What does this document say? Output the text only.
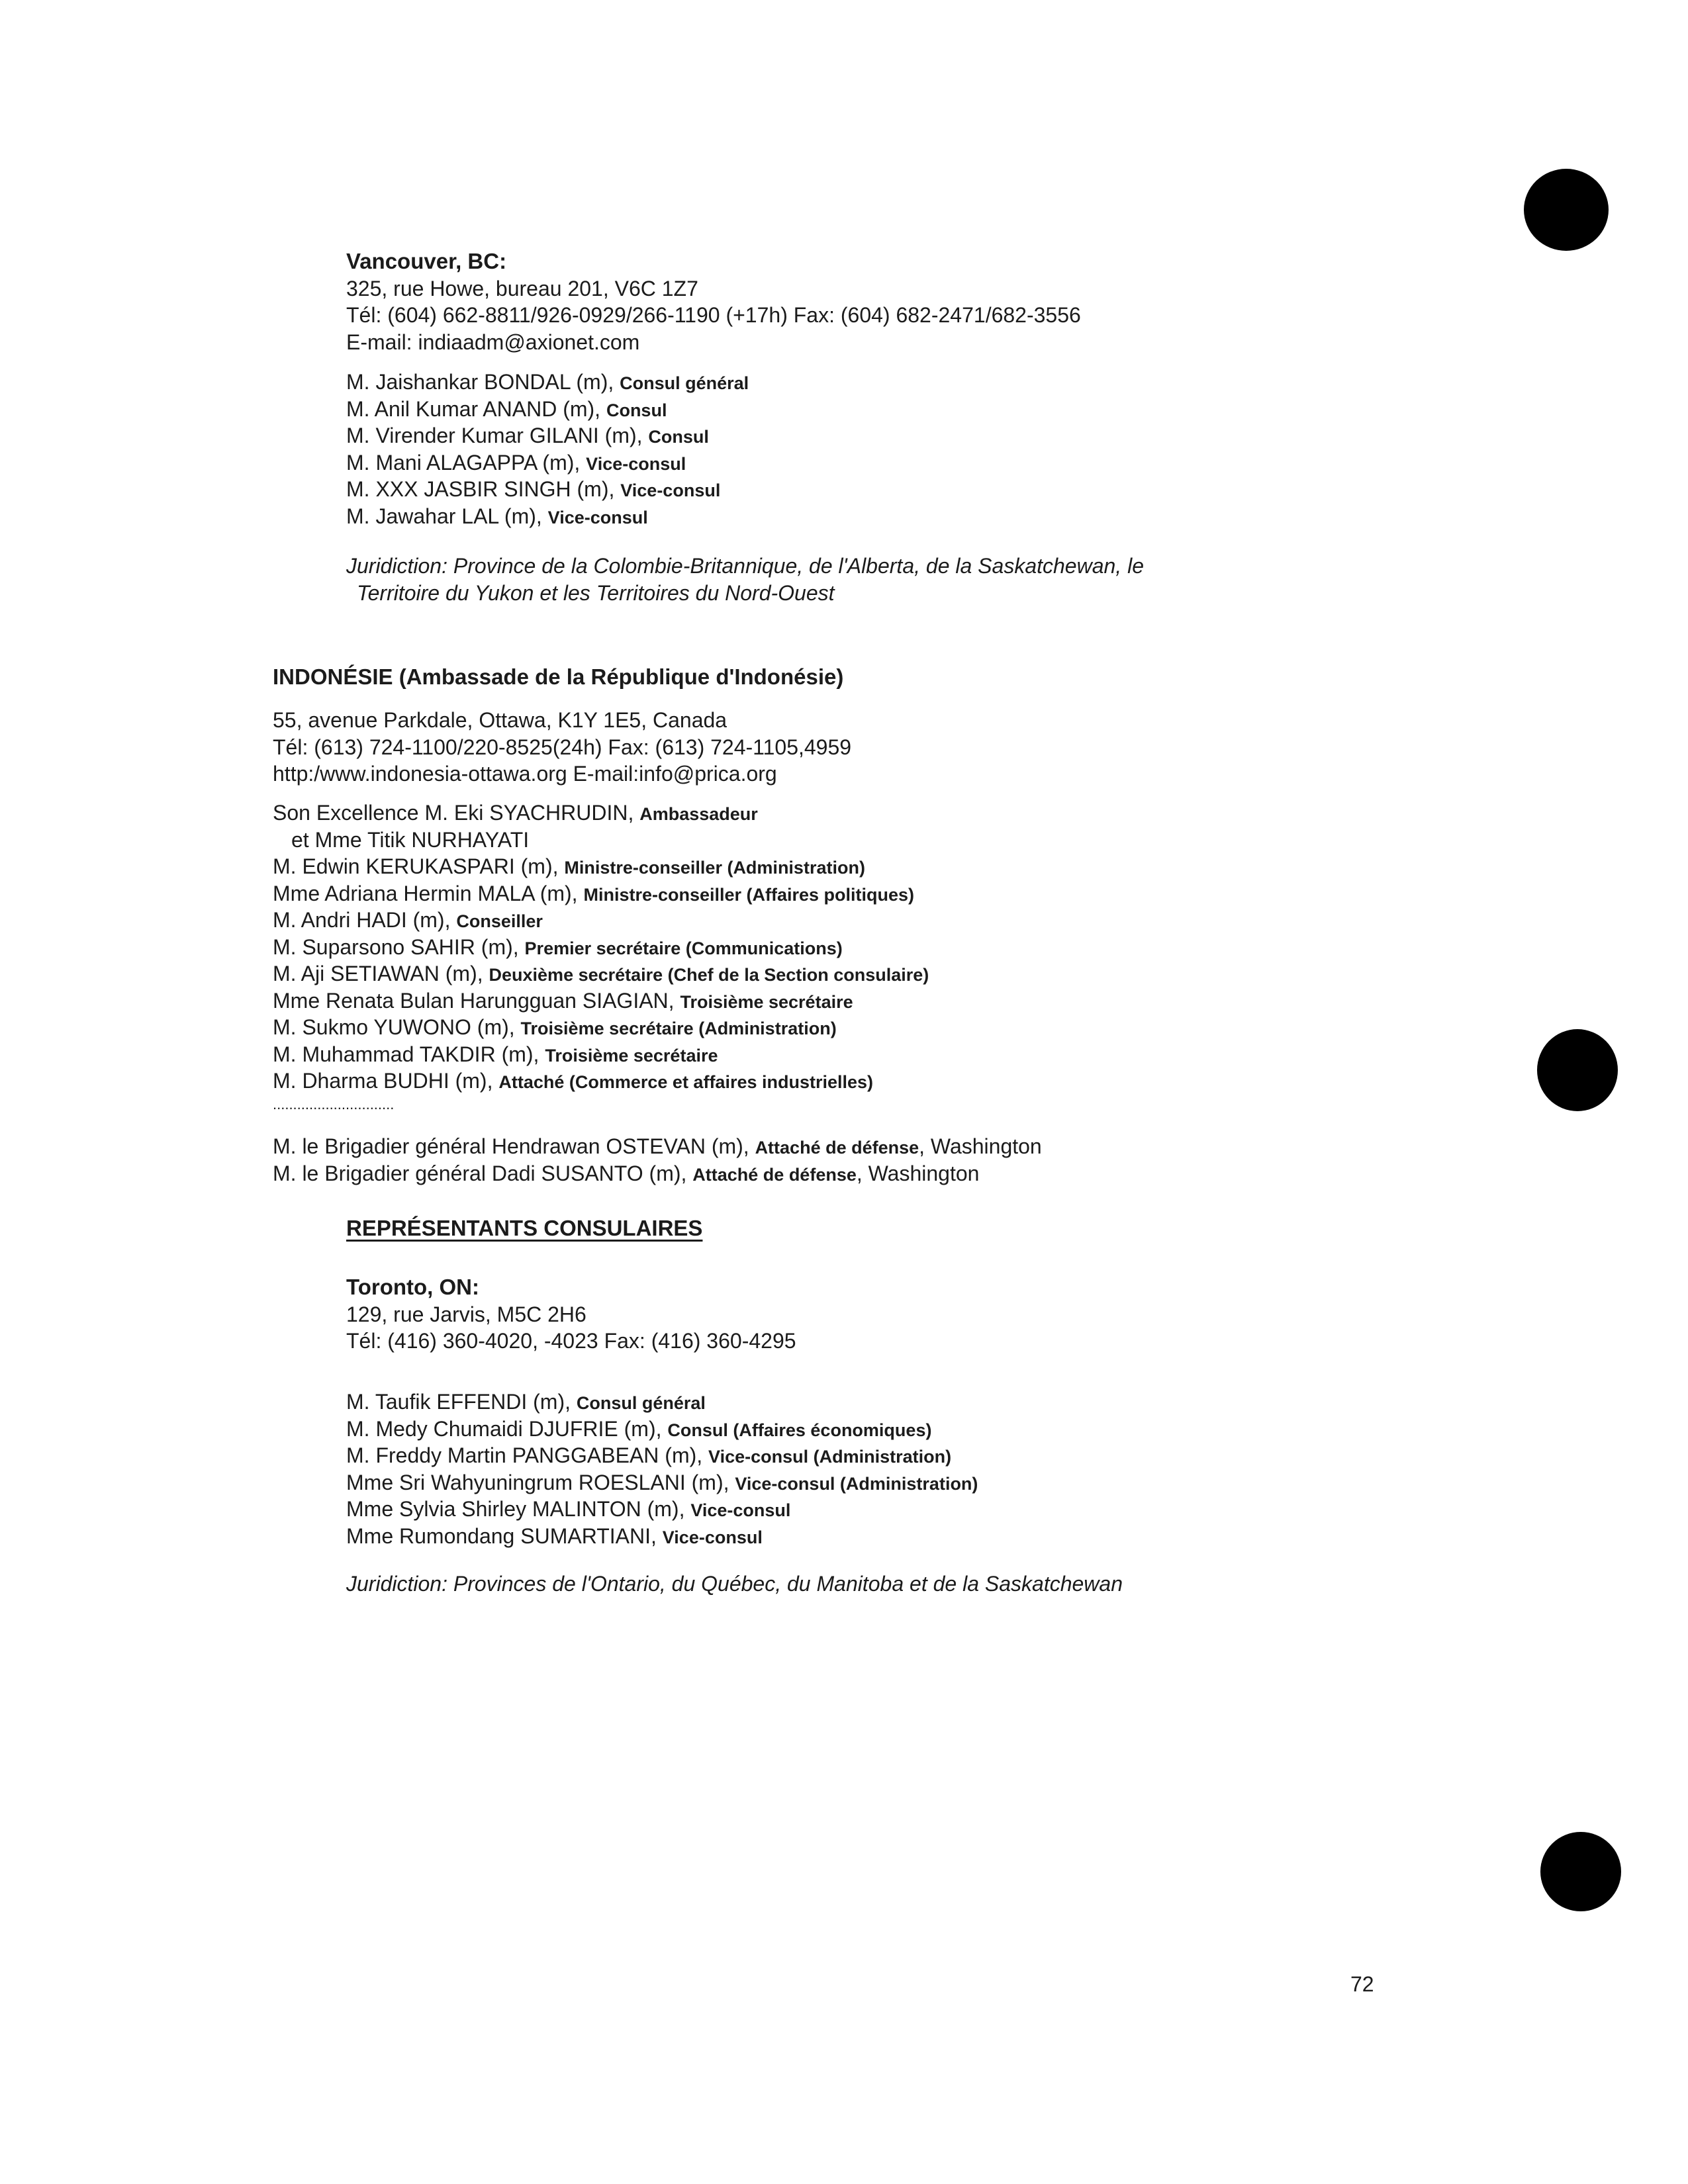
Vancouver, BC:
325, rue Howe, bureau 201, V6C 1Z7
Tél: (604) 662-8811/926-0929/266-1190 (+17h) Fax: (604) 682-2471/682-3556
E-mail: indiaadm@axionet.com
M. Jaishankar BONDAL (m), Consul général
M. Anil Kumar ANAND (m), Consul
M. Virender Kumar GILANI (m), Consul
M. Mani ALAGAPPA (m), Vice-consul
M. XXX JASBIR SINGH (m), Vice-consul
M. Jawahar LAL (m), Vice-consul
Juridiction: Province de la Colombie-Britannique, de l'Alberta, de la Saskatchewan, le
Territoire du Yukon et les Territoires du Nord-Ouest
INDONÉSIE (Ambassade de la République d'Indonésie)
55, avenue Parkdale, Ottawa, K1Y 1E5, Canada
Tél: (613) 724-1100/220-8525(24h) Fax: (613) 724-1105,4959
http:/www.indonesia-ottawa.org E-mail:info@prica.org
Son Excellence M. Eki SYACHRUDIN, Ambassadeur
et Mme Titik NURHAYATI
M. Edwin KERUKASPARI (m), Ministre-conseiller (Administration)
Mme Adriana Hermin MALA (m), Ministre-conseiller (Affaires politiques)
M. Andri HADI (m), Conseiller
M. Suparsono SAHIR (m), Premier secrétaire (Communications)
M. Aji SETIAWAN (m), Deuxième secrétaire (Chef de la Section consulaire)
Mme Renata Bulan Harungguan SIAGIAN, Troisième secrétaire
M. Sukmo YUWONO (m), Troisième secrétaire (Administration)
M. Muhammad TAKDIR (m), Troisième secrétaire
M. Dharma BUDHI (m), Attaché (Commerce et affaires industrielles)
..............................
M. le Brigadier général Hendrawan OSTEVAN (m), Attaché de défense, Washington
M. le Brigadier général Dadi SUSANTO (m), Attaché de défense, Washington
REPRÉSENTANTS CONSULAIRES
Toronto, ON:
129, rue Jarvis, M5C 2H6
Tél: (416) 360-4020, -4023 Fax: (416) 360-4295
M. Taufik EFFENDI (m), Consul général
M. Medy Chumaidi DJUFRIE (m), Consul (Affaires économiques)
M. Freddy Martin PANGGABEAN (m), Vice-consul (Administration)
Mme Sri Wahyuningrum ROESLANI (m), Vice-consul (Administration)
Mme Sylvia Shirley MALINTON (m), Vice-consul
Mme Rumondang SUMARTIANI, Vice-consul
Juridiction: Provinces de l'Ontario, du Québec, du Manitoba et de la Saskatchewan
72
